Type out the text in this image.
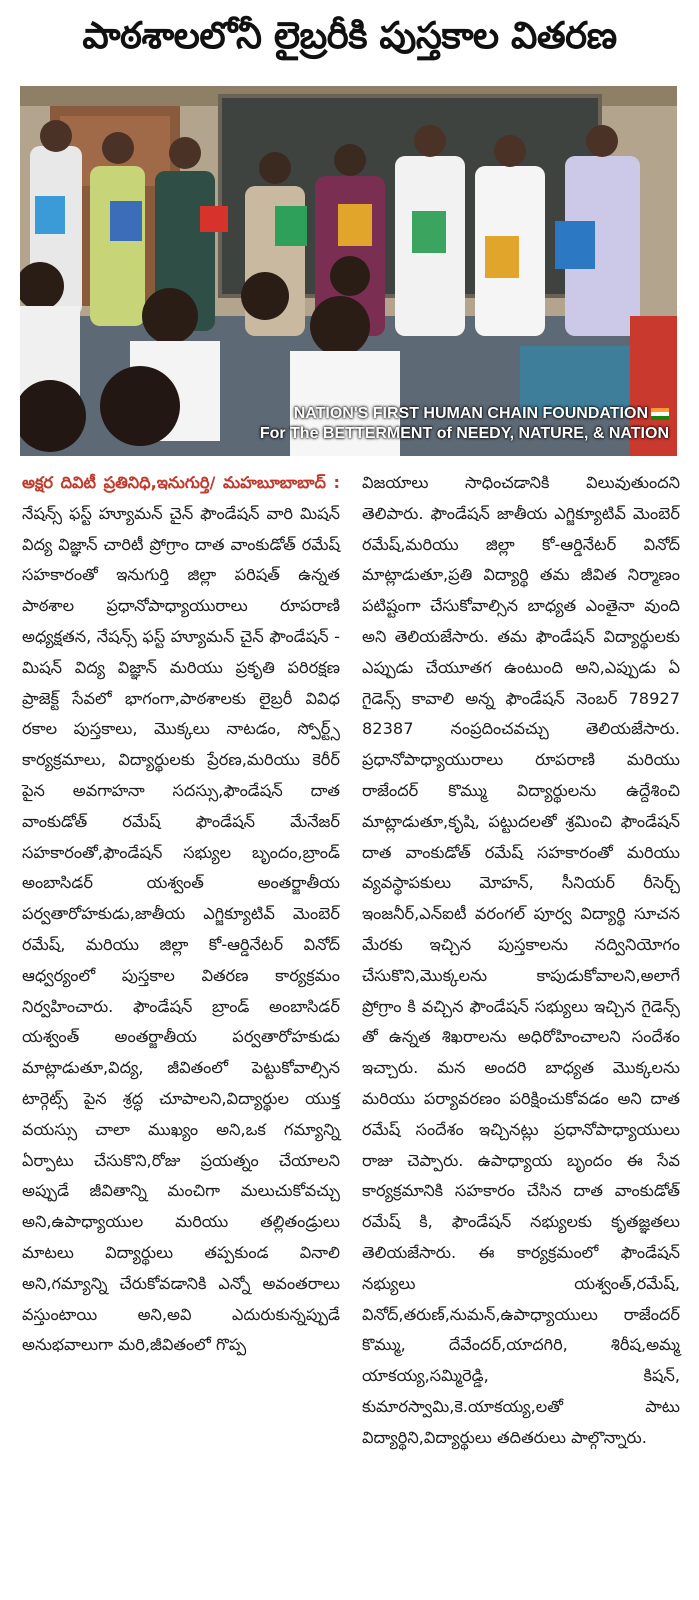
పాఠశాలలోనీ లైబ్రరీకి పుస్తకాల వితరణ
NATION'S FIRST HUMAN CHAIN FOUNDATION
For The BETTERMENT of NEEDY, NATURE, & NATION

అక్షర దివిటీ ప్రతినిధి,ఇనుగుర్తి/ మహబూబాబాద్ : నేషన్స్ ఫస్ట్ హ్యూమన్ చైన్ ఫౌండేషన్ వారి మిషన్ విద్య విజ్ఞాన్ చారిటీ ప్రోగ్రాం దాత వాంకుడోత్ రమేష్ సహకారంతో ఇనుగుర్తి జిల్లా పరిషత్ ఉన్నత పాఠశాల ప్రధానోపాధ్యాయురాలు రూపరాణి అధ్యక్షతన, నేషన్స్ ఫస్ట్ హ్యూమన్ చైన్ ఫౌండేషన్ - మిషన్ విద్య విజ్ఞాన్ మరియు ప్రకృతి పరిరక్షణ ప్రాజెక్ట్ సేవలో భాగంగా,పాఠశాలకు లైబ్రరీ వివిధ రకాల పుస్తకాలు, మొక్కలు నాటడం, స్పోర్ట్స్ కార్యక్రమాలు, విద్యార్థులకు ప్రేరణ,మరియు కెరీర్ పైన అవగాహనా సదస్సు,ఫౌండేషన్ దాత వాంకుడోత్ రమేష్ ఫౌండేషన్ మేనేజర్ సహకారంతో,ఫౌండేషన్ సభ్యుల బృందం,బ్రాండ్ అంబాసిడర్ యశ్వంత్ అంతర్జాతీయ పర్వతారోహకుడు,జాతీయ ఎగ్జిక్యూటివ్ మెంబెర్ రమేష్, మరియు జిల్లా కో-ఆర్డినేటర్ వినోద్ ఆధ్వర్యంలో పుస్తకాల వితరణ కార్యక్రమం నిర్వహించారు. ఫౌండేషన్ బ్రాండ్ అంబాసిడర్ యశ్వంత్ అంతర్జాతీయ పర్వతారోహకుడు మాట్లాడుతూ,విద్య, జీవితంలో పెట్టుకోవాల్సిన టార్గెట్స్ పైన శ్రద్ధ చూపాలని,విద్యార్థుల యుక్త వయస్సు చాలా ముఖ్యం అని,ఒక గమ్యాన్ని ఏర్పాటు చేసుకొని,రోజు ప్రయత్నం చేయాలని అప్పుడే జీవితాన్ని మంచిగా మలుచుకోవచ్చు అని,ఉపాధ్యాయుల మరియు తల్లితండ్రులు మాటలు విద్యార్థులు తప్పకుండ వినాలి అని,గమ్యాన్ని చేరుకోవడానికి ఎన్నో అవంతరాలు వస్తుంటాయి అని,అవి ఎదురుకున్నప్పుడే అనుభవాలుగా మరి,జీవితంలో గొప్ప

విజయాలు సాధించడానికి విలువుతుందని తెలిపారు. ఫౌండేషన్ జాతీయ ఎగ్జిక్యూటివ్ మెంబెర్ రమేష్,మరియు జిల్లా కో-ఆర్డినేటర్ వినోద్ మాట్లాడుతూ,ప్రతి విద్యార్థి తమ జీవిత నిర్మాణం పటిష్టంగా చేసుకోవాల్సిన బాధ్యత ఎంతైనా వుంది అని తెలియజేసారు. తమ ఫౌండేషన్ విద్యార్థులకు ఎప్పుడు చేయూతగ ఉంటుంది అని,ఎప్పుడు ఏ గైడెన్స్ కావాలి అన్న ఫౌండేషన్ నెంబర్ 78927 82387 నంప్రదించవచ్చు తెలియజేసారు. ప్రధానోపాధ్యాయురాలు రూపరాణి మరియు రాజేందర్ కొమ్ము విద్యార్థులను ఉద్దేశించి మాట్లాడుతూ,కృషి, పట్టుదలతో శ్రమించి ఫౌండేషన్ దాత వాంకుడోత్ రమేష్ సహకారంతో మరియు వ్యవస్థాపకులు మోహన్, సీనియర్ రీసెర్చ్ ఇంజనీర్,ఎన్ఐటీ వరంగల్ పూర్వ విద్యార్థి సూచన మేరకు ఇచ్చిన పుస్తకాలను నద్వినియోగం చేసుకొని,మొక్కలను కాపుడుకోవాలని,అలాగే ప్రోగ్రాం కి వచ్చిన ఫౌండేషన్ సభ్యులు ఇచ్చిన గైడెన్స్ తో ఉన్నత శిఖరాలను అధిరోహించాలని సందేశం ఇచ్చారు. మన అందరి బాధ్యత మొక్కలను మరియు పర్యావరణం పరిక్షించుకోవడం అని దాత రమేష్ సందేశం ఇచ్చినట్లు ప్రధానోపాధ్యాయులు రాజు చెప్పారు. ఉపాధ్యాయ బృందం ఈ సేవ కార్యక్రమానికి సహకారం చేసిన దాత వాంకుడోత్ రమేష్ కి, ఫౌండేషన్ నభ్యులకు కృతజ్ఞతలు తెలియజేసారు. ఈ కార్యక్రమంలో ఫౌండేషన్ నభ్యులు యశ్వంత్,రమేష్, వినోద్,తరుణ్,నుమన్,ఉపాధ్యాయులు రాజేందర్ కొమ్ము, దేవేందర్,యాదగిరి, శిరీష,అమ్మ యాకయ్య,సమ్మిరెడ్డి, కిషన్, కుమారస్వామి,కె.యాకయ్య,లతో పాటు విద్యార్థిని,విద్యార్థులు తదితరులు పాల్గొన్నారు.
